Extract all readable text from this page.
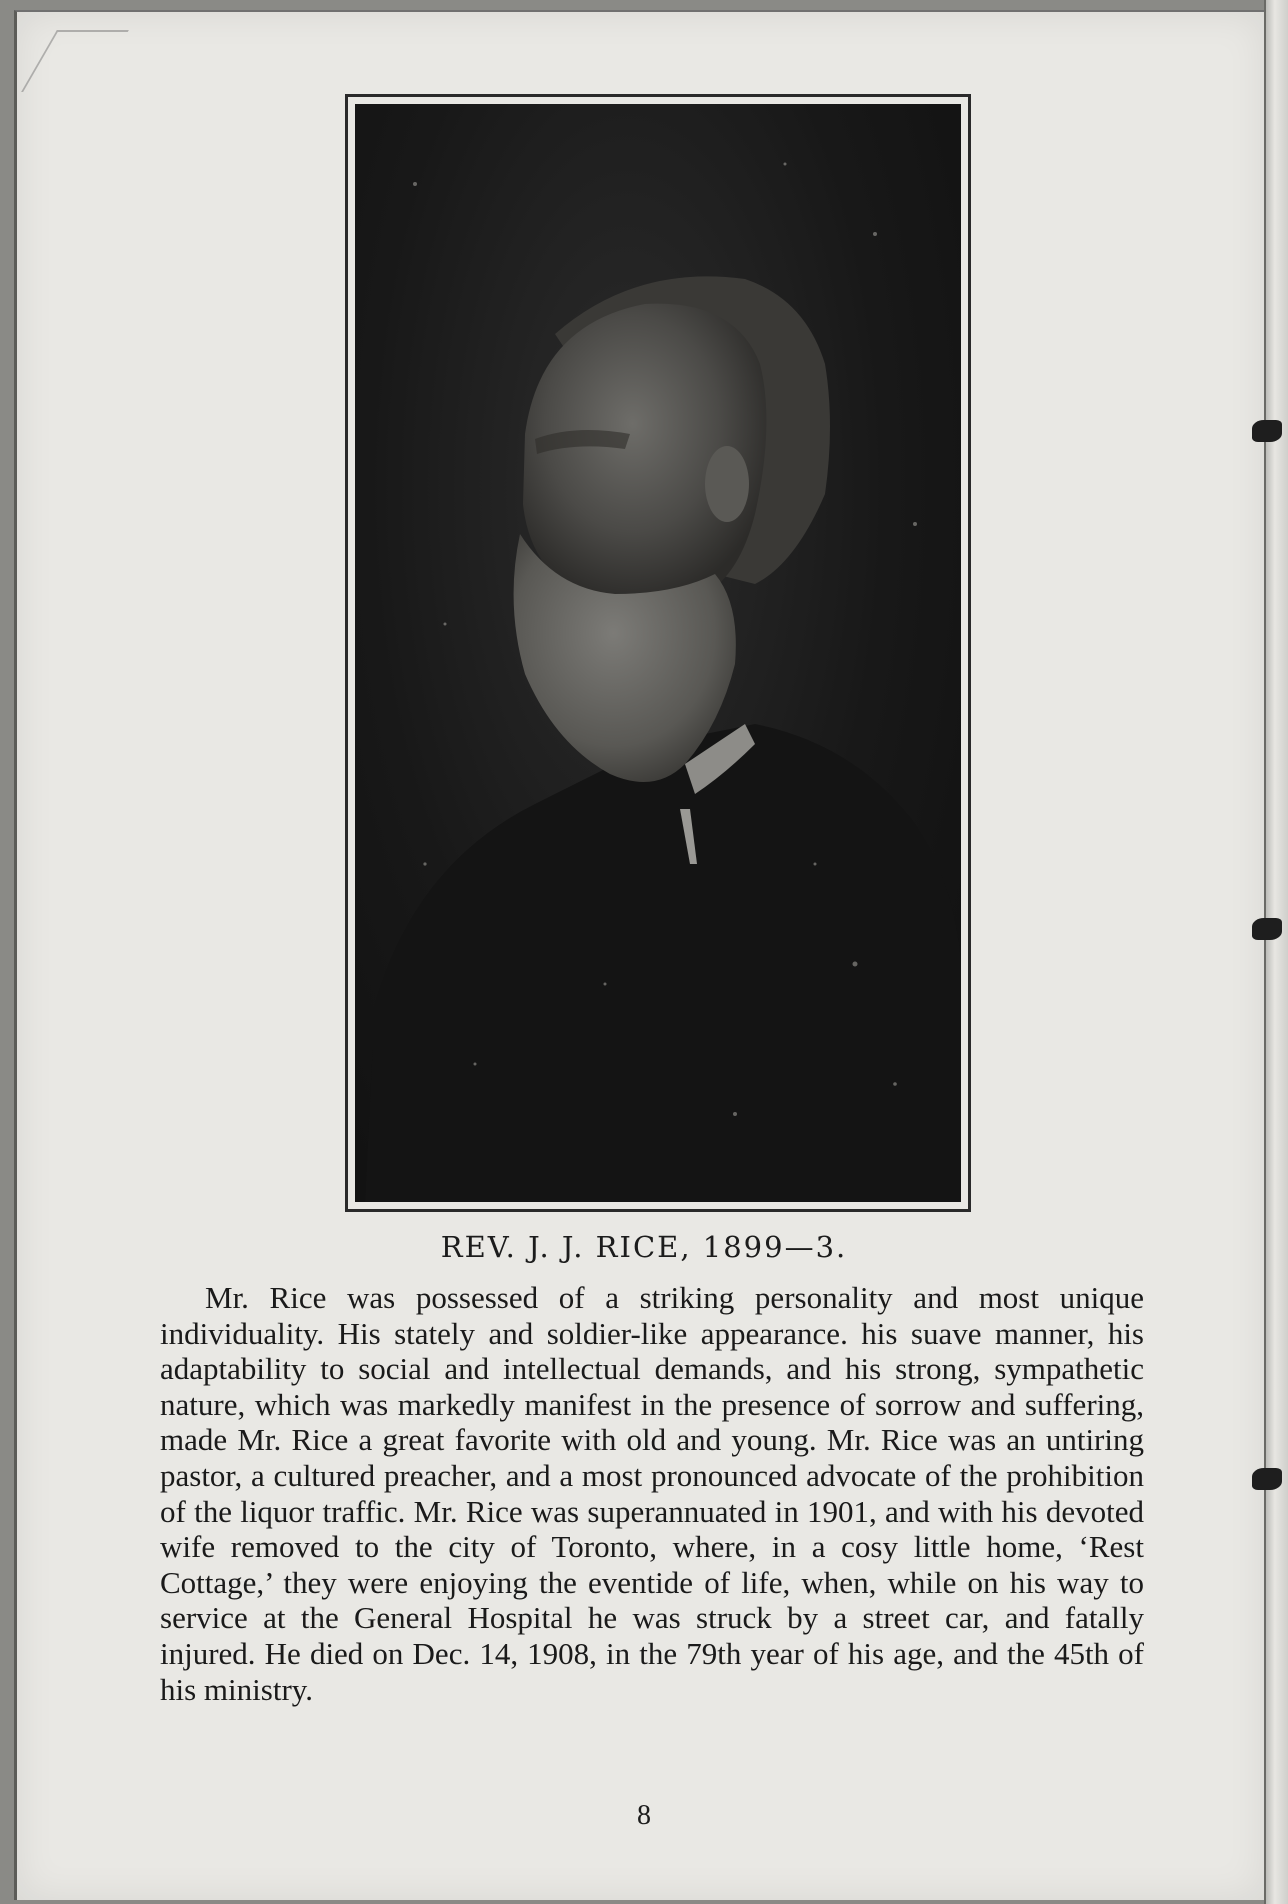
REV. J. J. RICE, 1899—3.

Mr. Rice was possessed of a striking personality and most unique individuality. His stately and soldier-like appearance. his suave manner, his adaptability to social and intellectual demands, and his strong, sympathetic nature, which was markedly manifest in the presence of sorrow and suffering, made Mr. Rice a great favorite with old and young. Mr. Rice was an untiring pastor, a cultured preacher, and a most pronounced advocate of the prohibition of the liquor traffic. Mr. Rice was superannuated in 1901, and with his devoted wife removed to the city of Toronto, where, in a cosy little home, ‘Rest Cottage,’ they were enjoying the eventide of life, when, while on his way to service at the General Hospital he was struck by a street car, and fatally injured. He died on Dec. 14, 1908, in the 79th year of his age, and the 45th of his ministry.

8
